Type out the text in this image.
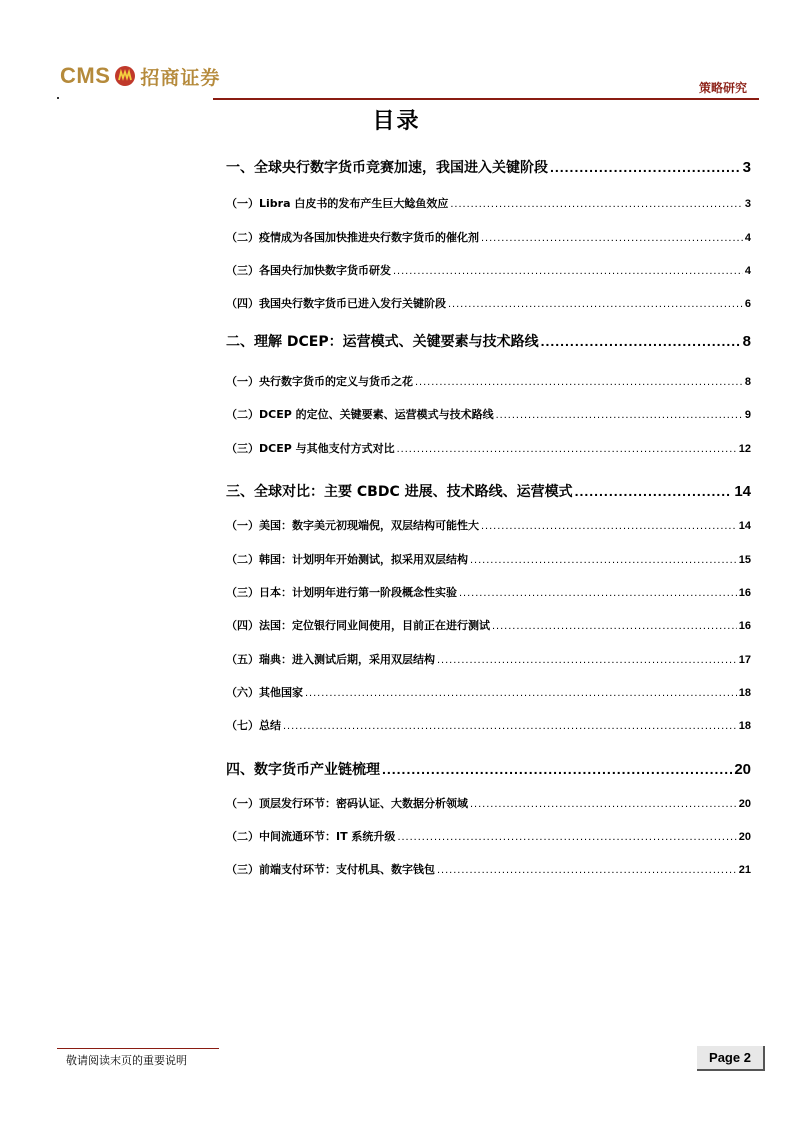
CMS 招商证券	策略研究
目录
一、全球央行数字货币竞赛加速，我国进入关键阶段 .....	3
（一）Libra 白皮书的发布产生巨大鲶鱼效应 .....	3
（二）疫情成为各国加快推进央行数字货币的催化剂 .....	4
（三）各国央行加快数字货币研发 .....	4
（四）我国央行数字货币已进入发行关键阶段 .....	6
二、理解 DCEP：运营模式、关键要素与技术路线 .....	8
（一）央行数字货币的定义与货币之花 .....	8
（二）DCEP 的定位、关键要素、运营模式与技术路线 .....	9
（三）DCEP 与其他支付方式对比 .....	12
三、全球对比：主要 CBDC 进展、技术路线、运营模式 .....	14
（一）美国：数字美元初现端倪，双层结构可能性大 .....	14
（二）韩国：计划明年开始测试，拟采用双层结构 .....	15
（三）日本：计划明年进行第一阶段概念性实验 .....	16
（四）法国：定位银行同业间使用，目前正在进行测试 .....	16
（五）瑞典：进入测试后期，采用双层结构 .....	17
（六）其他国家 .....	18
（七）总结 .....	18
四、数字货币产业链梳理 .....	20
（一）顶层发行环节：密码认证、大数据分析领域 .....	20
（二）中间流通环节：IT 系统升级 .....	20
（三）前端支付环节：支付机具、数字钱包 .....	21
敬请阅读末页的重要说明	Page 2
